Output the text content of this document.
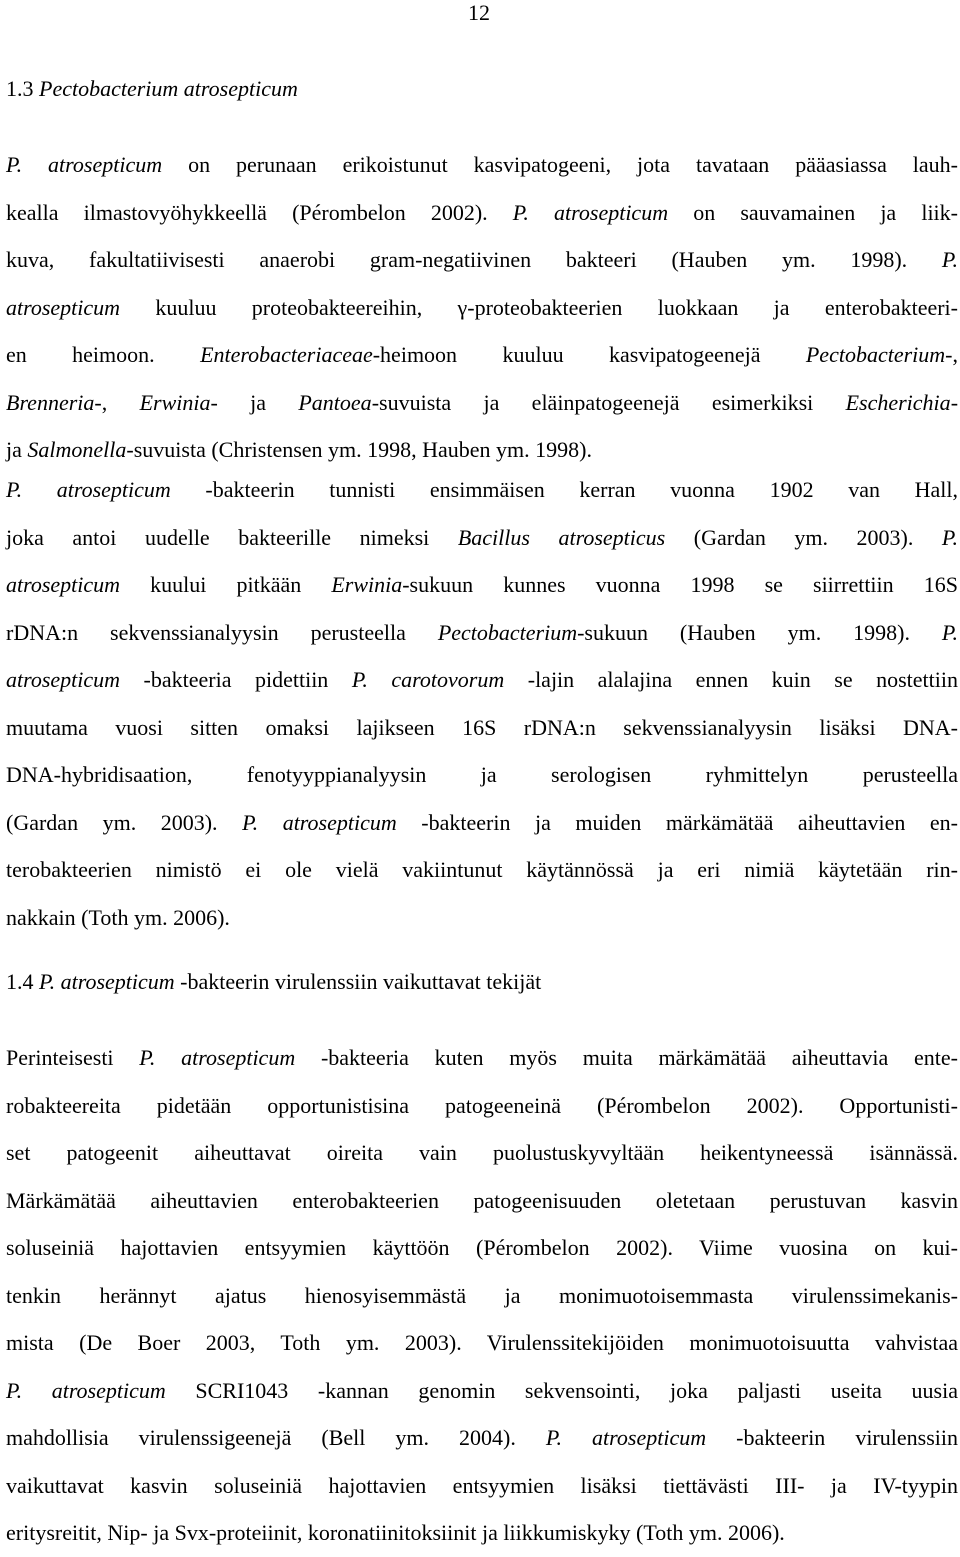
12
1.3 Pectobacterium atrosepticum
P. atrosepticum on perunaan erikoistunut kasvipatogeeni, jota tavataan pääasiassa lauh-
kealla ilmastovyöhykkeellä (Pérombelon 2002). P. atrosepticum on sauvamainen ja liik-
kuva, fakultatiivisesti anaerobi gram-negatiivinen bakteeri (Hauben ym. 1998). P.
atrosepticum kuuluu proteobakteereihin, γ-proteobakteerien luokkaan ja enterobakteeri-
en heimoon. Enterobacteriaceae-heimoon kuuluu kasvipatogeenejä Pectobacterium-,
Brenneria-, Erwinia- ja Pantoea-suvuista ja eläinpatogeenejä esimerkiksi Escherichia-
ja Salmonella-suvuista (Christensen ym. 1998, Hauben ym. 1998).
P. atrosepticum -bakteerin tunnisti ensimmäisen kerran vuonna 1902 van Hall,
joka antoi uudelle bakteerille nimeksi Bacillus atrosepticus (Gardan ym. 2003). P.
atrosepticum kuului pitkään Erwinia-sukuun kunnes vuonna 1998 se siirrettiin 16S
rDNA:n sekvenssianalyysin perusteella Pectobacterium-sukuun (Hauben ym. 1998). P.
atrosepticum -bakteeria pidettiin P. carotovorum -lajin alalajina ennen kuin se nostettiin
muutama vuosi sitten omaksi lajikseen 16S rDNA:n sekvenssianalyysin lisäksi DNA-
DNA-hybridisaation, fenotyyppianalyysin ja serologisen ryhmittelyn perusteella
(Gardan ym. 2003). P. atrosepticum -bakteerin ja muiden märkämätää aiheuttavien en-
terobakteerien nimistö ei ole vielä vakiintunut käytännössä ja eri nimiä käytetään rin-
nakkain (Toth ym. 2006).
1.4 P. atrosepticum -bakteerin virulenssiin vaikuttavat tekijät
Perinteisesti P. atrosepticum -bakteeria kuten myös muita märkämätää aiheuttavia ente-
robakteereita pidetään opportunistisina patogeeneinä (Pérombelon 2002). Opportunisti-
set patogeenit aiheuttavat oireita vain puolustuskyvyltään heikentyneessä isännässä.
Märkämätää aiheuttavien enterobakteerien patogeenisuuden oletetaan perustuvan kasvin
soluseiniä hajottavien entsyymien käyttöön (Pérombelon 2002). Viime vuosina on kui-
tenkin herännyt ajatus hienosyisemmästä ja monimuotoisemmasta virulenssimekanis-
mista (De Boer 2003, Toth ym. 2003). Virulenssitekijöiden monimuotoisuutta vahvistaa
P. atrosepticum SCRI1043 -kannan genomin sekvensointi, joka paljasti useita uusia
mahdollisia virulenssigeenejä (Bell ym. 2004). P. atrosepticum -bakteerin virulenssiin
vaikuttavat kasvin soluseiniä hajottavien entsyymien lisäksi tiettävästi III- ja IV-tyypin
eritysreitit, Nip- ja Svx-proteiinit, koronatiinitoksiinit ja liikkumiskyky (Toth ym. 2006).
